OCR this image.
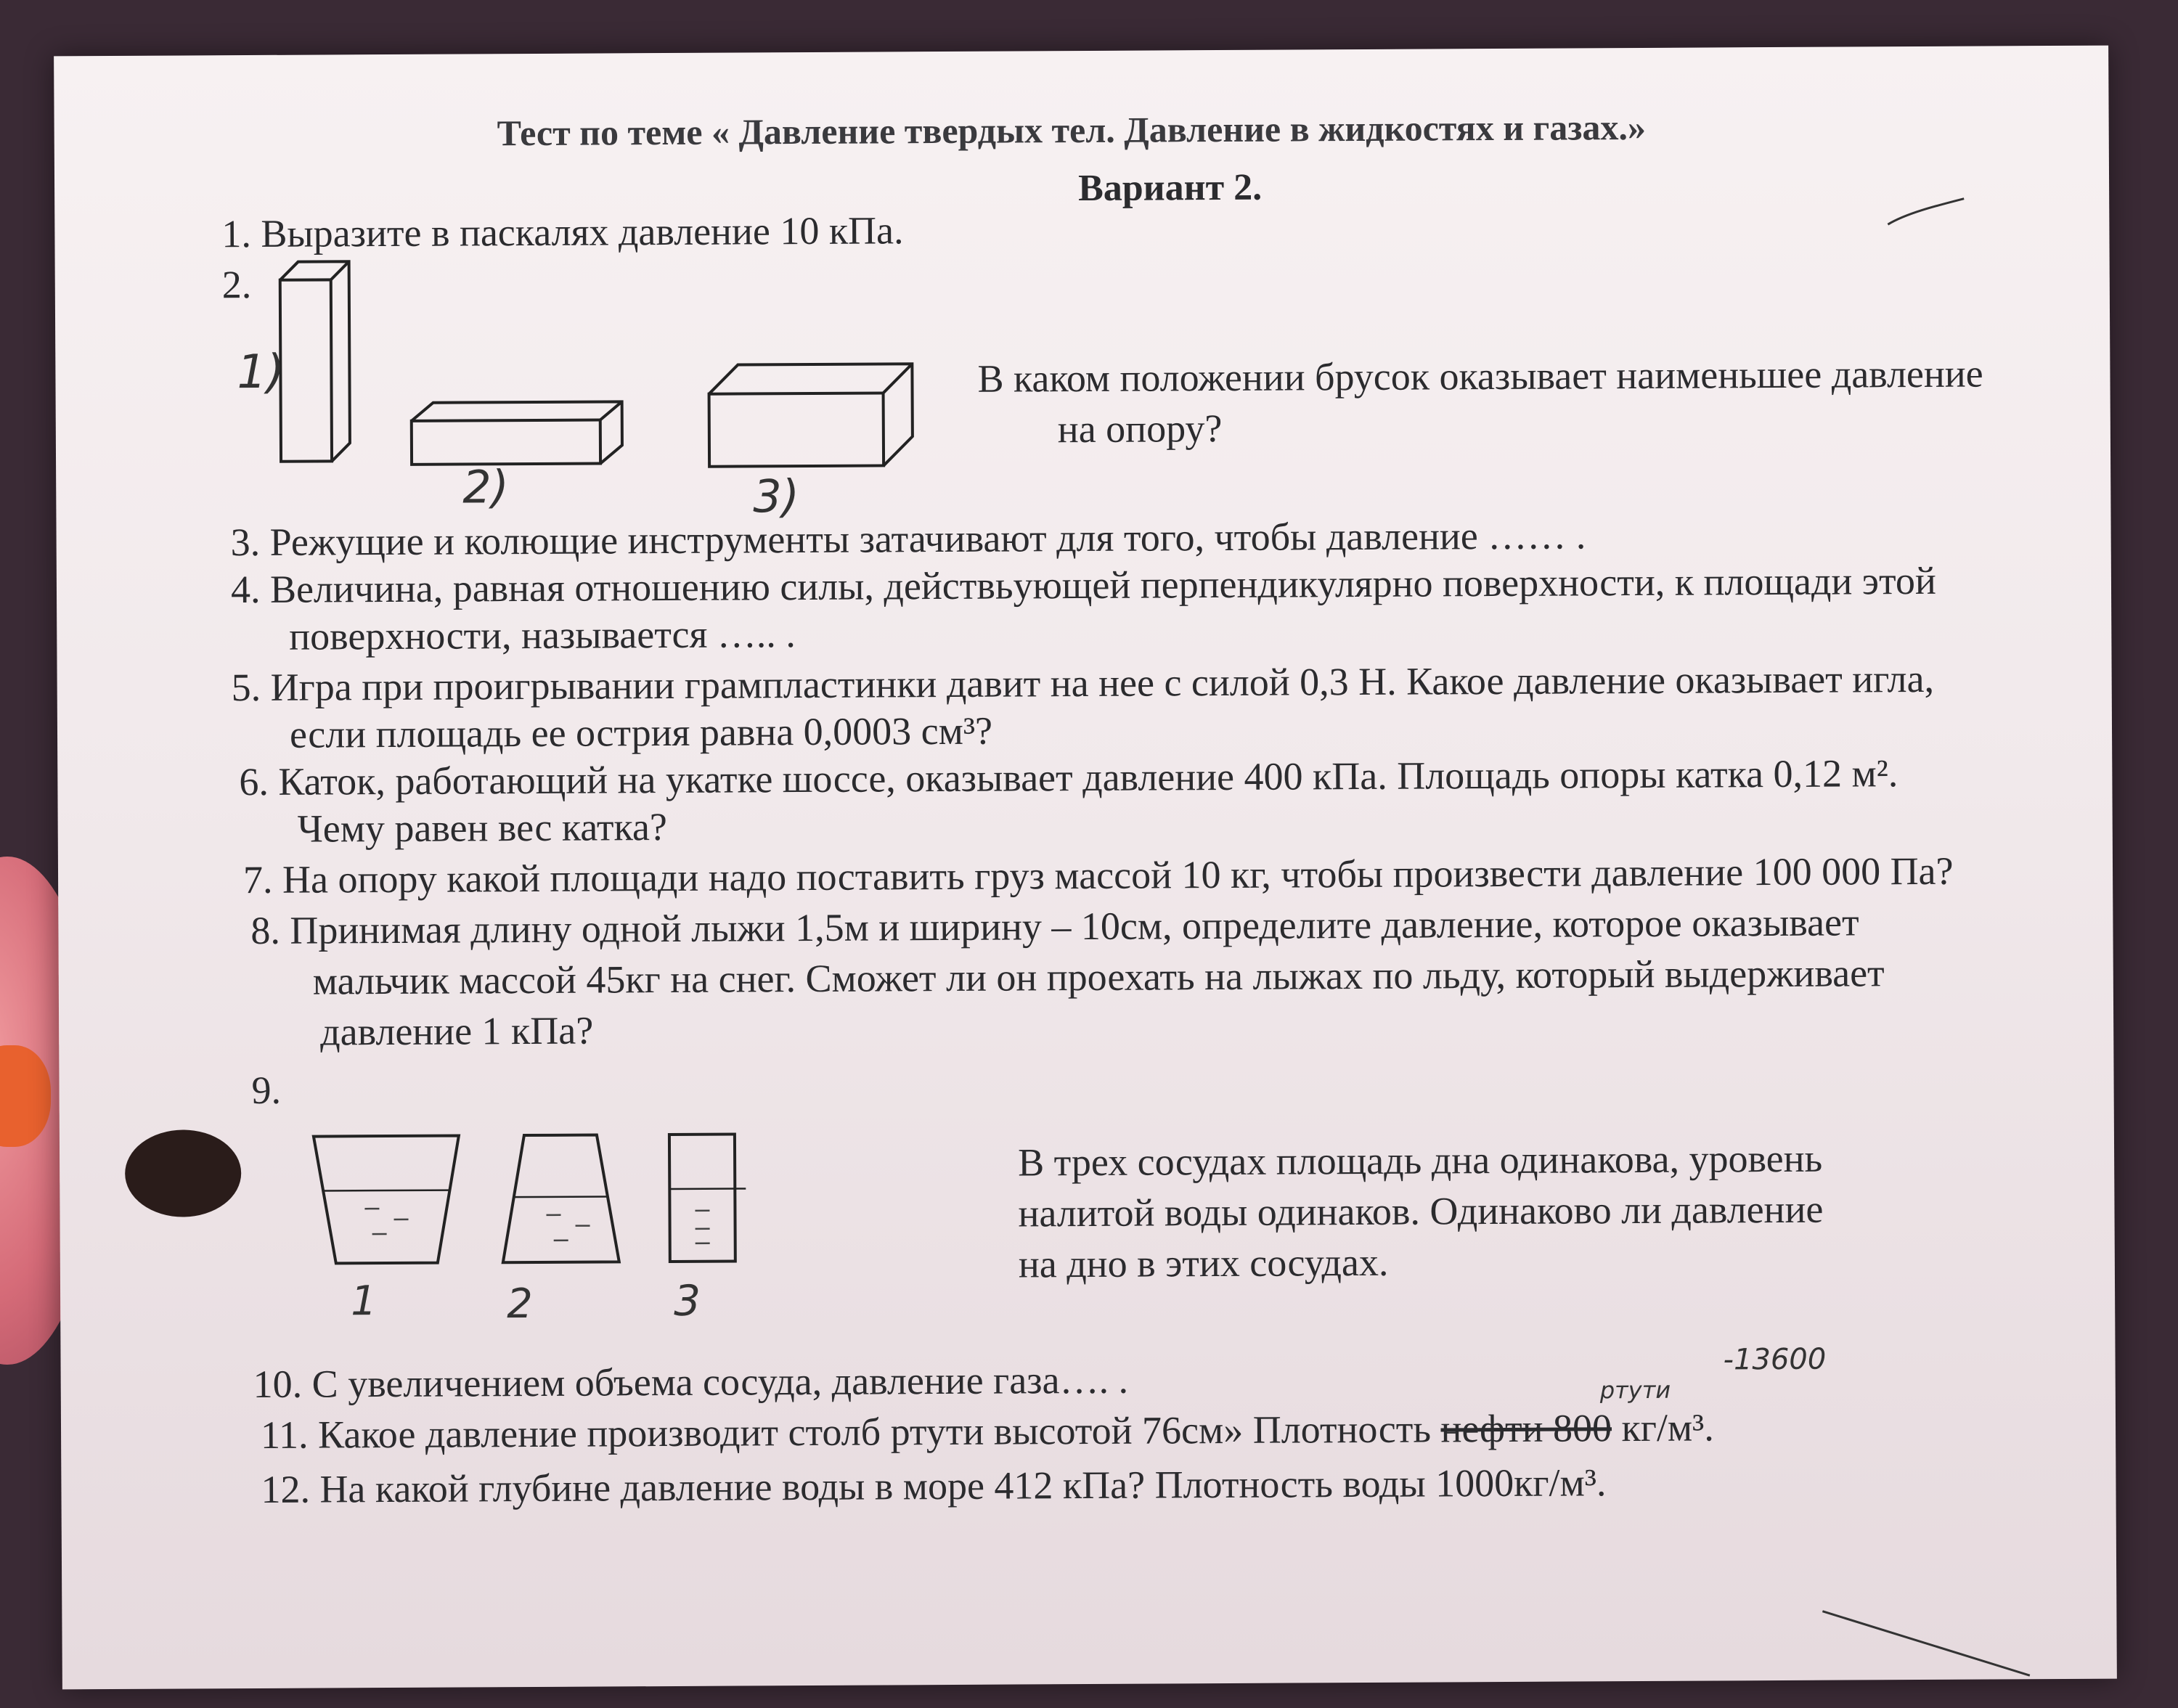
Тест по теме « Давление твердых тел. Давление в жидкостях и газах.»
Вариант 2.
1. Выразите в паскалях давление 10 кПа.
2.
1)
2)	3)
В каком положении брусок оказывает наименьшее давление
на опору?
3. Режущие и колющие инструменты затачивают для того, чтобы давление …… .
4. Величина, равная отношению силы, действьующей перпендикулярно поверхности, к площади этой
поверхности, называется ….. .
5. Игра при проигрывании грампластинки давит на нее с силой 0,3 Н. Какое давление оказывает игла,
если площадь ее острия равна 0,0003 см³?
6. Каток, работающий на укатке шоссе, оказывает давление 400 кПа. Площадь опоры катка 0,12 м².
Чему равен вес катка?
7. На опору какой площади надо поставить груз массой 10 кг, чтобы произвести давление 100 000 Па?
8. Принимая длину одной лыжи 1,5м и ширину – 10см, определите давление, которое оказывает
мальчик массой 45кг на снег. Сможет ли он проехать на лыжах по льду, который выдерживает
давление 1 кПа?
9.
1	2	3
В трех сосудах площадь дна одинакова, уровень
налитой воды одинаков. Одинаково ли давление
на дно в этих сосудах.
10. С увеличением объема сосуда, давление газа…. .	-13600
ртути
11. Какое давление производит столб ртути высотой 76см» Плотность нефти 800 кг/м³.
12. На какой глубине давление воды в море 412 кПа? Плотность воды 1000кг/м³.
